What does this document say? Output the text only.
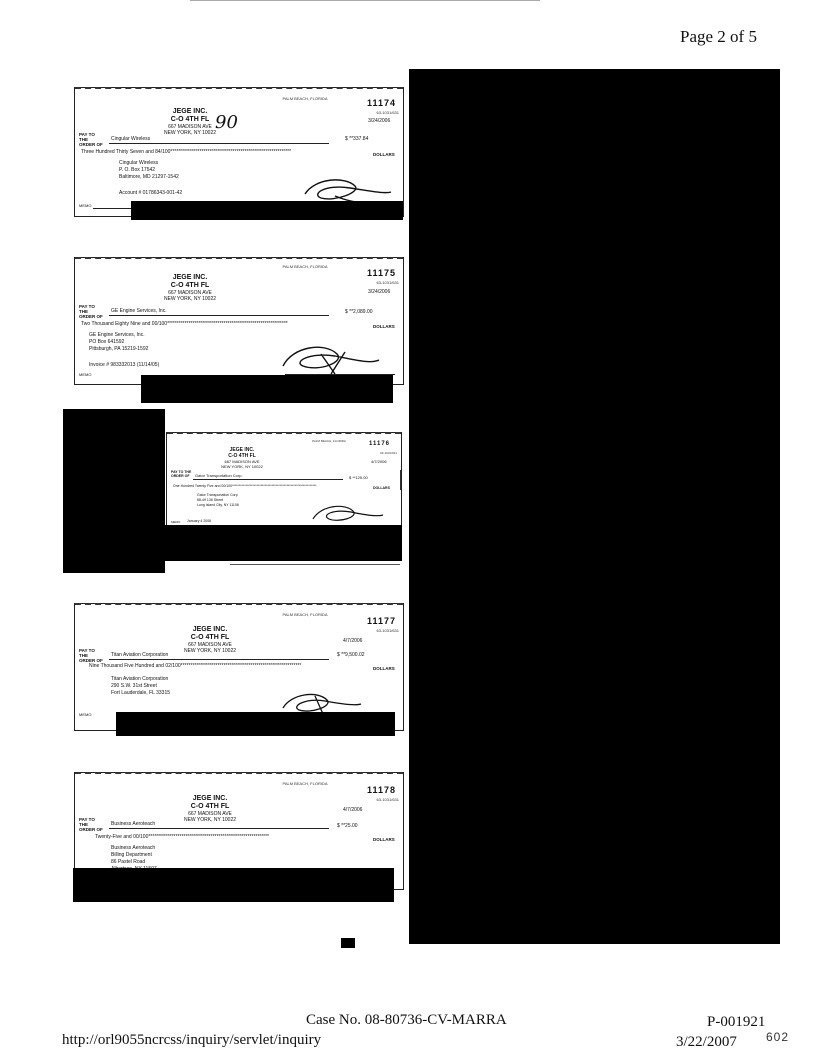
Page 2 of 5
JEGE INC.
C-O 4TH FL
667 MADISON AVE
NEW YORK, NY 10022
PALM BEACH, FLORIDA	11174
63-1031/631
3/24/2006
PAY TO THE ORDER OF
Cingular Wireless	$ **337.84
Three Hundred Thirty Seven and 84/100**************************************************************	DOLLARS
Cingular Wireless
P. O. Box 17542
Baltimore, MD 21297-1542
Account # 01786343-001-42
MEMO
90
JEGE INC.
C-O 4TH FL
667 MADISON AVE
NEW YORK, NY 10022
PALM BEACH, FLORIDA
11175
63-1031/631
3/24/2006
PAY TO THE ORDER OF
GE Engine Services, Inc.	$ **2,089.00
Two Thousand Eighty Nine and 00/100**************************************************************	DOLLARS
GE Engine Services, Inc.
PO Box 641592
Pittsburgh, PA 15219-1592
Invoice # 983332013 (11/14/05)
MEMO
JEGE INC.
C-O 4TH FL
667 MADISON AVE
NEW YORK, NY 10022
PALM BEACH, FLORIDA	11176
63-1031/631
4/7/2006
PAY TO THE ORDER OF	Gator Transportation Corp.	$ **125.00
One Hundred Twenty Five and 00/100**************************************************************	DOLLARS
Gator Transportation Corp
88-49 136 Street
Long Island City, NY 11106
January 4 2006
MEMO
JEGE INC.
C-O 4TH FL
667 MADISON AVE
NEW YORK, NY 10022
PALM BEACH, FLORIDA
11177
63-1031/631
4/7/2006
PAY TO THE ORDER OF
Titan Aviation Corporation	$ **9,500.02
Nine Thousand Five Hundred and 02/100**************************************************************	DOLLARS
Titan Aviation Corporation
290 S.W. 31st Street
Fort Lauderdale, FL 33315
MEMO
JEGE INC.
C-O 4TH FL
667 MADISON AVE
NEW YORK, NY 10022
PALM BEACH, FLORIDA
11178
63-1031/631
4/7/2006
PAY TO THE ORDER OF
Business Aeroteach	$ **25.00
Twenty-Five and 00/100**************************************************************	DOLLARS
Business Aeroteach
Billing Department
86 Pastel Road

Case No. 08-80736-CV-MARRA
http://orl9055ncrcss/inquiry/servlet/inquiry
P-001921
3/22/2007 602
